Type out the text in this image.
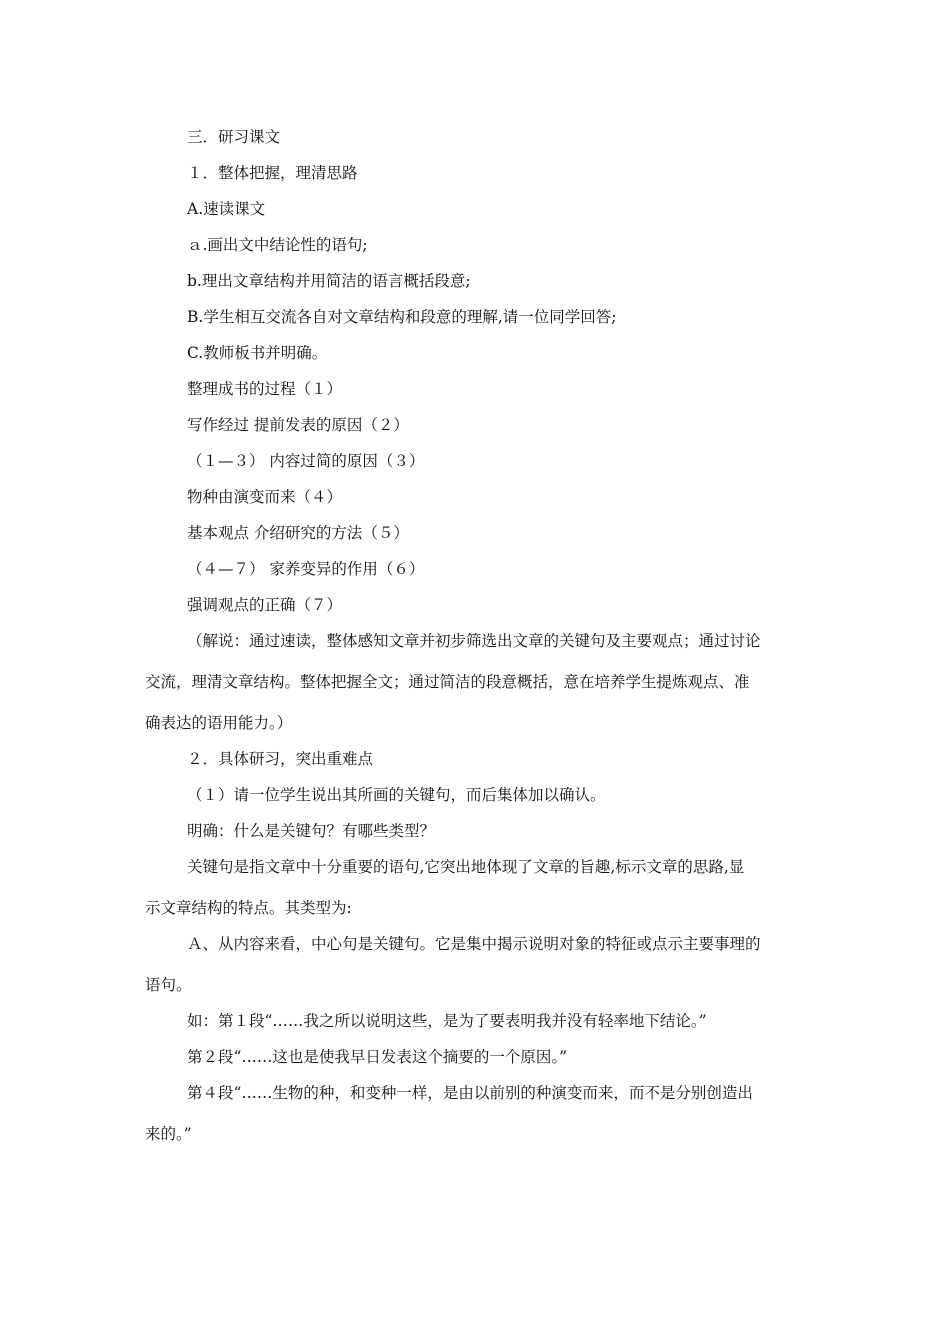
三．研习课文
１．整体把握，理清思路
A.速读课文
ａ.画出文中结论性的语句;
b.理出文章结构并用简洁的语言概括段意;
B.学生相互交流各自对文章结构和段意的理解,请一位同学回答;
C.教师板书并明确。
整理成书的过程（１）
写作经过 提前发表的原因（２）
（１—３） 内容过简的原因（３）
物种由演变而来（４）
基本观点 介绍研究的方法（５）
（４—７） 家养变异的作用（６）
强调观点的正确（７）
（解说：通过速读，整体感知文章并初步筛选出文章的关键句及主要观点；通过讨论
交流，理清文章结构。整体把握全文；通过简洁的段意概括，意在培养学生提炼观点、准
确表达的语用能力。）
２．具体研习，突出重难点
（１）请一位学生说出其所画的关键句，而后集体加以确认。
明确：什么是关键句？有哪些类型？
关键句是指文章中十分重要的语句,它突出地体现了文章的旨趣,标示文章的思路,显
示文章结构的特点。其类型为:
Ａ、从内容来看，中心句是关键句。它是集中揭示说明对象的特征或点示主要事理的
语句。
如：第１段“……我之所以说明这些，是为了要表明我并没有轻率地下结论。”
第２段“……这也是使我早日发表这个摘要的一个原因。”
第４段“……生物的种，和变种一样，是由以前别的种演变而来，而不是分别创造出
来的。”
